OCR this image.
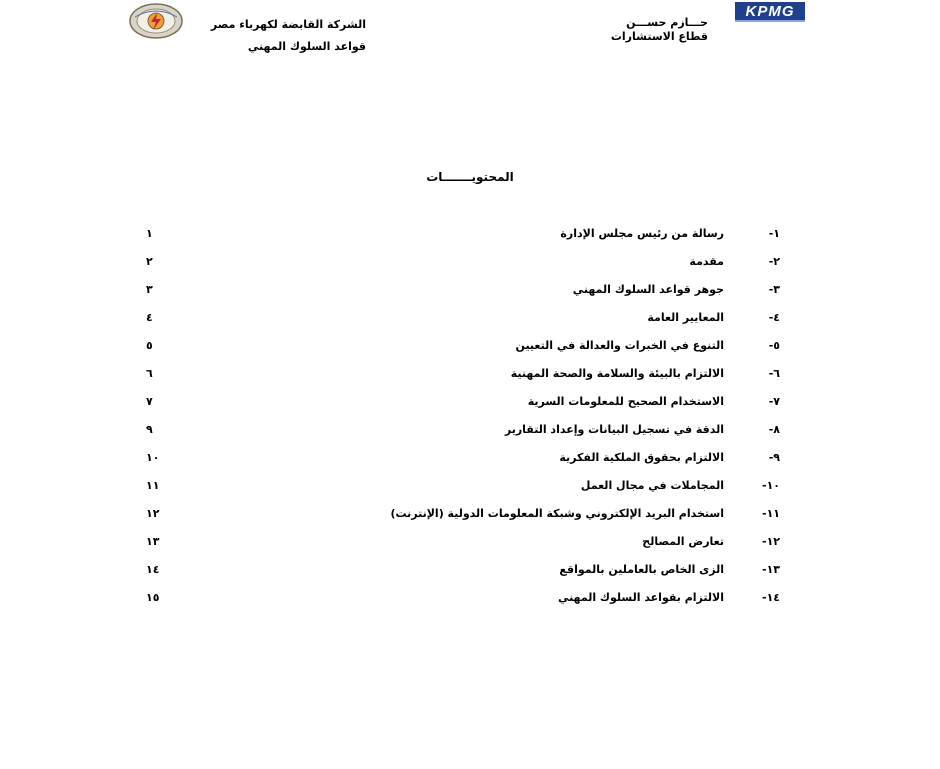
KPMG
حـــازم حســـن
قطاع الاستشارات
الشركة القابضة لكهرباء مصر
قواعد السلوك المهني
المحتويـــــــات
١-رسالة من رئيس مجلس الإدارة
١
٢-مقدمة
٢
٣-جوهر قواعد السلوك المهني
٣
٤-المعايير العامة
٤
٥-التنوع في الخبرات والعدالة في التعيين
٥
٦-الالتزام بالبيئة والسلامة والصحة المهنية
٦
٧-الاستخدام الصحيح للمعلومات السرية
٧
٨-الدقة في تسجيل البيانات وإعداد التقارير
٩
٩-الالتزام بحقوق الملكية الفكرية
١٠
١٠-المجاملات في مجال العمل
١١
١١-استخدام البريد الإلكتروني وشبكة المعلومات الدولية (الإنترنت)
١٢
١٢-تعارض المصالح
١٣
١٣-الزى الخاص بالعاملين بالمواقع
١٤
١٤-الالتزام بقواعد السلوك المهني
١٥
